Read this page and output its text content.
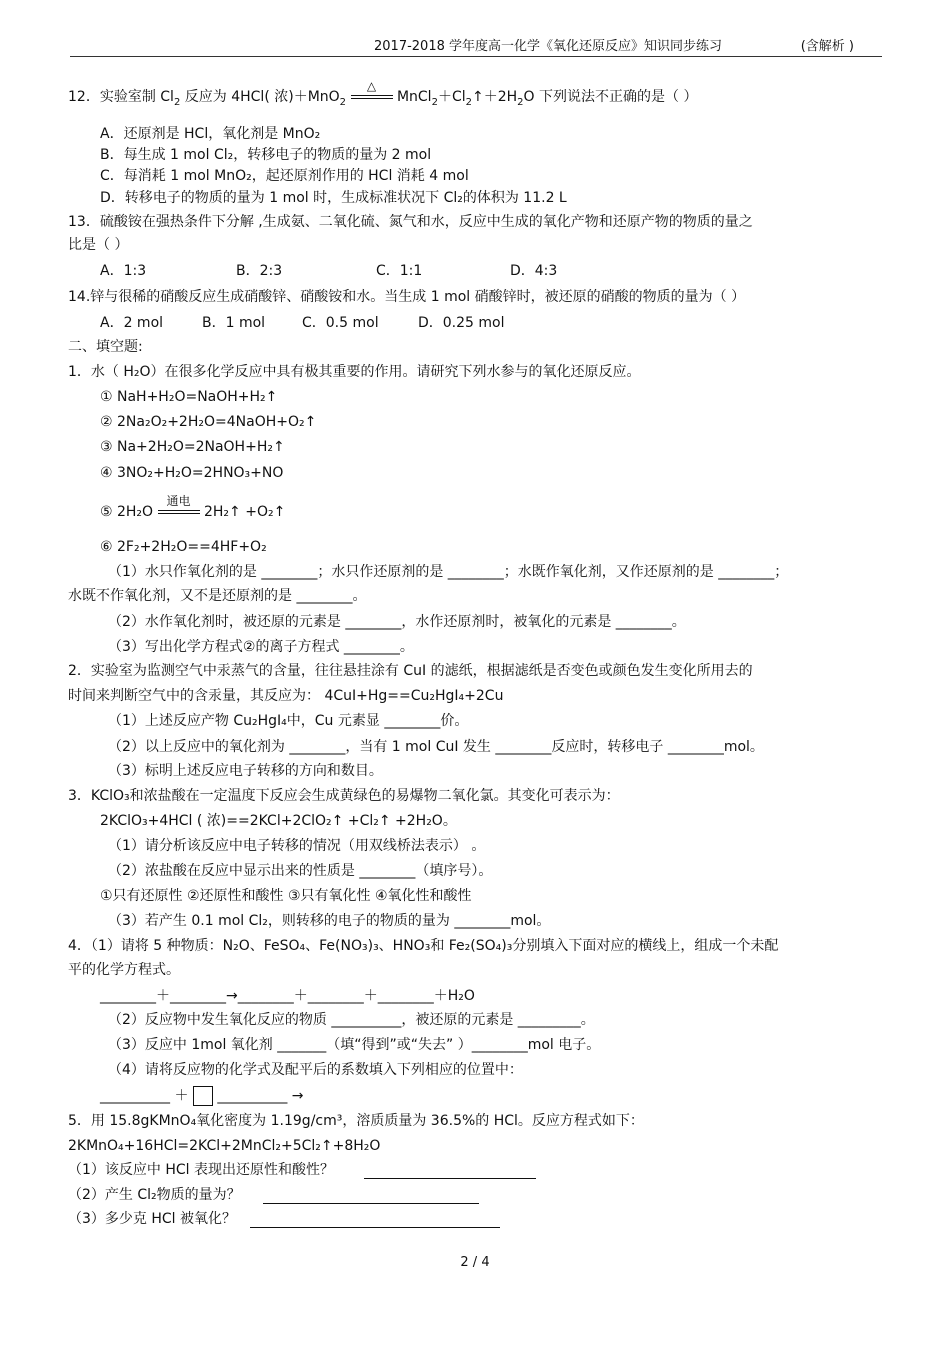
2017-2018 学年度高一化学《氧化还原反应》知识同步练习	(含解析 )
12．实验室制 $Cl_2$ 反应为 4HCl( 浓)＋MnO$_2$
△
$MnCl_2+Cl_2↑+2H_2O$ 下列说法不正确的是（ ）
A．还原剂是 HCl，氧化剂是 MnO₂
B．每生成 1 mol Cl₂，转移电子的物质的量为 2 mol
C．每消耗 1 mol MnO₂，起还原剂作用的 HCl 消耗 4 mol
D．转移电子的物质的量为 1 mol 时，生成标准状况下 Cl₂的体积为 11.2 L
13．硫酸铵在强热条件下分解 ,生成氨、二氧化硫、氮气和水，反应中生成的氧化产物和还原产物的物质的量之
比是（ ）
A．1:3	B．2:3	C．1:1	D．4:3
14.锌与很稀的硝酸反应生成硝酸锌、硝酸铵和水。当生成 1 mol 硝酸锌时，被还原的硝酸的物质的量为（ ）
A．2 mol	B．1 mol	C．0.5 mol	D．0.25 mol
二、填空题:
1．水（ H₂O）在很多化学反应中具有极其重要的作用。请研究下列水参与的氧化还原反应。
① NaH+H₂O=NaOH+H₂↑
② 2Na₂O₂+2H₂O=4NaOH+O₂↑
③ Na+2H₂O=2NaOH+H₂↑
④ 3NO₂+H₂O=2HNO₃+NO
⑤ 2H₂O
通电
2H₂↑ +O₂↑
⑥ 2F₂+2H₂O==4HF+O₂
（1）水只作氧化剂的是 ________；水只作还原剂的是 ________；水既作氧化剂，又作还原剂的是 ________；
水既不作氧化剂，又不是还原剂的是 ________。
（2）水作氧化剂时，被还原的元素是 ________，水作还原剂时，被氧化的元素是 ________。
（3）写出化学方程式②的离子方程式 ________。
2．实验室为监测空气中汞蒸气的含量，往往悬挂涂有 CuI 的滤纸，根据滤纸是否变色或颜色发生变化所用去的
时间来判断空气中的含汞量，其反应为： 4CuI+Hg==Cu₂HgI₄+2Cu
（1）上述反应产物 Cu₂HgI₄中，Cu 元素显 ________价。
（2）以上反应中的氧化剂为 ________，当有 1 mol CuI 发生 ________反应时，转移电子 ________mol。
（3）标明上述反应电子转移的方向和数目。
3．KClO₃和浓盐酸在一定温度下反应会生成黄绿色的易爆物二氧化氯。其变化可表示为：
2KClO₃+4HCl ( 浓)==2KCl+2ClO₂↑ +Cl₂↑ +2H₂O。
（1）请分析该反应中电子转移的情况（用双线桥法表示） 。
（2）浓盐酸在反应中显示出来的性质是 ________（填序号）。
①只有还原性 ②还原性和酸性 ③只有氧化性 ④氧化性和酸性
（3）若产生 0.1 mol Cl₂，则转移的电子的物质的量为 ________mol。
4．（1）请将 5 种物质：N₂O、FeSO₄、Fe(NO₃)₃、HNO₃和 Fe₂(SO₄)₃分别填入下面对应的横线上，组成一个未配
平的化学方程式。
________＋________→________＋________＋________＋H₂O
（2）反应物中发生氧化反应的物质 __________，被还原的元素是 _________。
（3）反应中 1mol 氧化剂 _______（填“得到”或“失去” ）________mol 电子。
（4）请将反应物的化学式及配平后的系数填入下列相应的位置中：
__________ ＋ __________ →
5．用 15.8gKMnO₄氧化密度为 1.19g/cm³，溶质质量为 36.5%的 HCl。反应方程式如下：
2KMnO₄+16HCl=2KCl+2MnCl₂+5Cl₂↑+8H₂O
（1）该反应中 HCl 表现出还原性和酸性？
（2）产生 Cl₂物质的量为？
（3）多少克 HCl 被氧化？
2 / 4
